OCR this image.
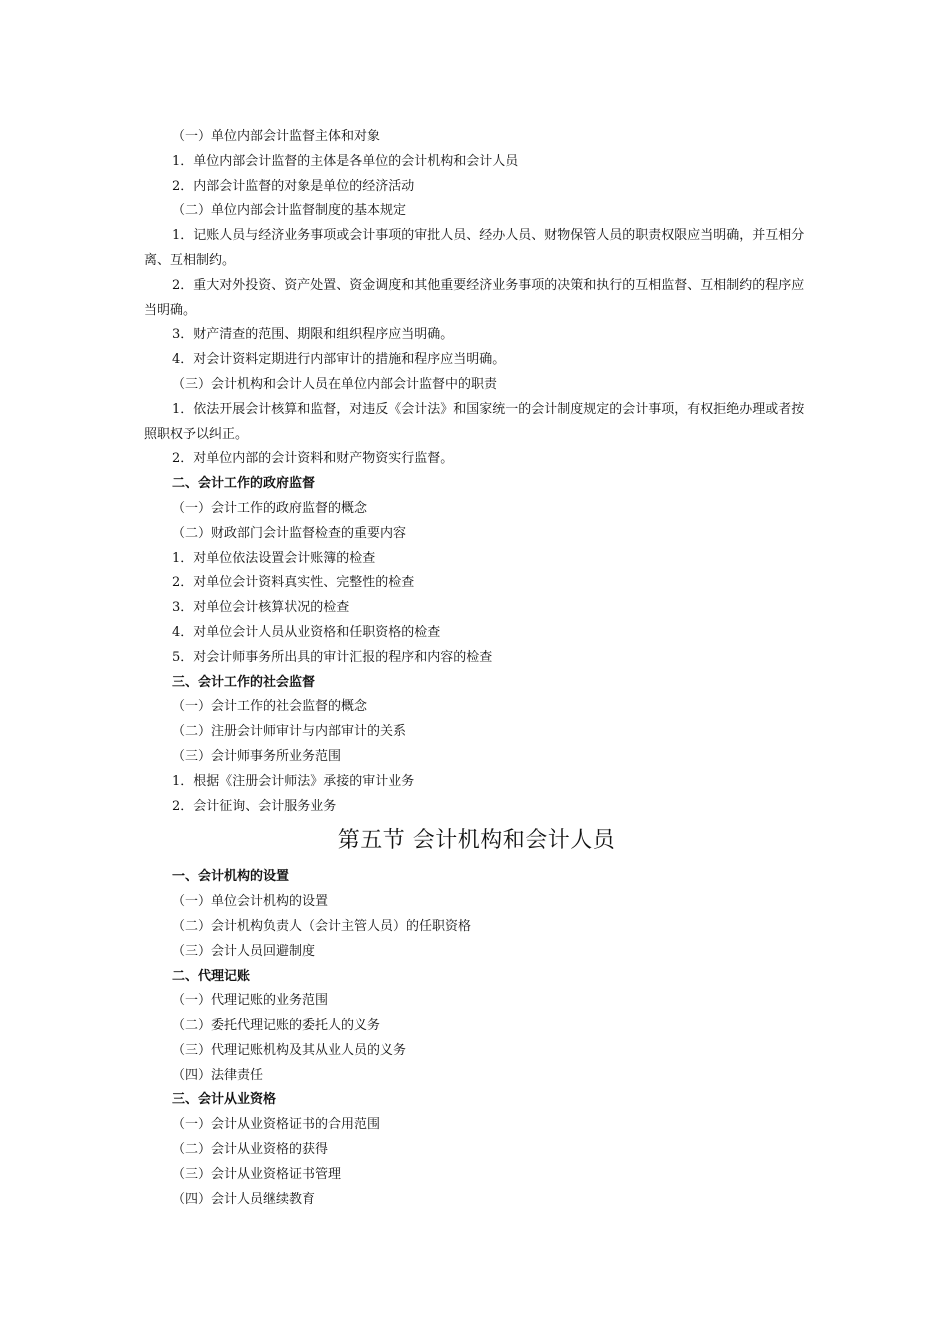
（一）单位内部会计监督主体和对象
1．单位内部会计监督的主体是各单位的会计机构和会计人员
2．内部会计监督的对象是单位的经济活动
（二）单位内部会计监督制度的基本规定
1．记账人员与经济业务事项或会计事项的审批人员、经办人员、财物保管人员的职责权限应当明确，并互相分离、互相制约。
2．重大对外投资、资产处置、资金调度和其他重要经济业务事项的决策和执行的互相监督、互相制约的程序应当明确。
3．财产清查的范围、期限和组织程序应当明确。
4．对会计资料定期进行内部审计的措施和程序应当明确。
（三）会计机构和会计人员在单位内部会计监督中的职责
1．依法开展会计核算和监督，对违反《会计法》和国家统一的会计制度规定的会计事项，有权拒绝办理或者按照职权予以纠正。
2．对单位内部的会计资料和财产物资实行监督。
二、会计工作的政府监督
（一）会计工作的政府监督的概念
（二）财政部门会计监督检查的重要内容
1．对单位依法设置会计账簿的检查
2．对单位会计资料真实性、完整性的检查
3．对单位会计核算状况的检查
4．对单位会计人员从业资格和任职资格的检查
5．对会计师事务所出具的审计汇报的程序和内容的检查
三、会计工作的社会监督
（一）会计工作的社会监督的概念
（二）注册会计师审计与内部审计的关系
（三）会计师事务所业务范围
1．根据《注册会计师法》承接的审计业务
2．会计征询、会计服务业务
第五节 会计机构和会计人员
一、会计机构的设置
（一）单位会计机构的设置
（二）会计机构负责人（会计主管人员）的任职资格
（三）会计人员回避制度
二、代理记账
（一）代理记账的业务范围
（二）委托代理记账的委托人的义务
（三）代理记账机构及其从业人员的义务
（四）法律责任
三、会计从业资格
（一）会计从业资格证书的合用范围
（二）会计从业资格的获得
（三）会计从业资格证书管理
（四）会计人员继续教育
